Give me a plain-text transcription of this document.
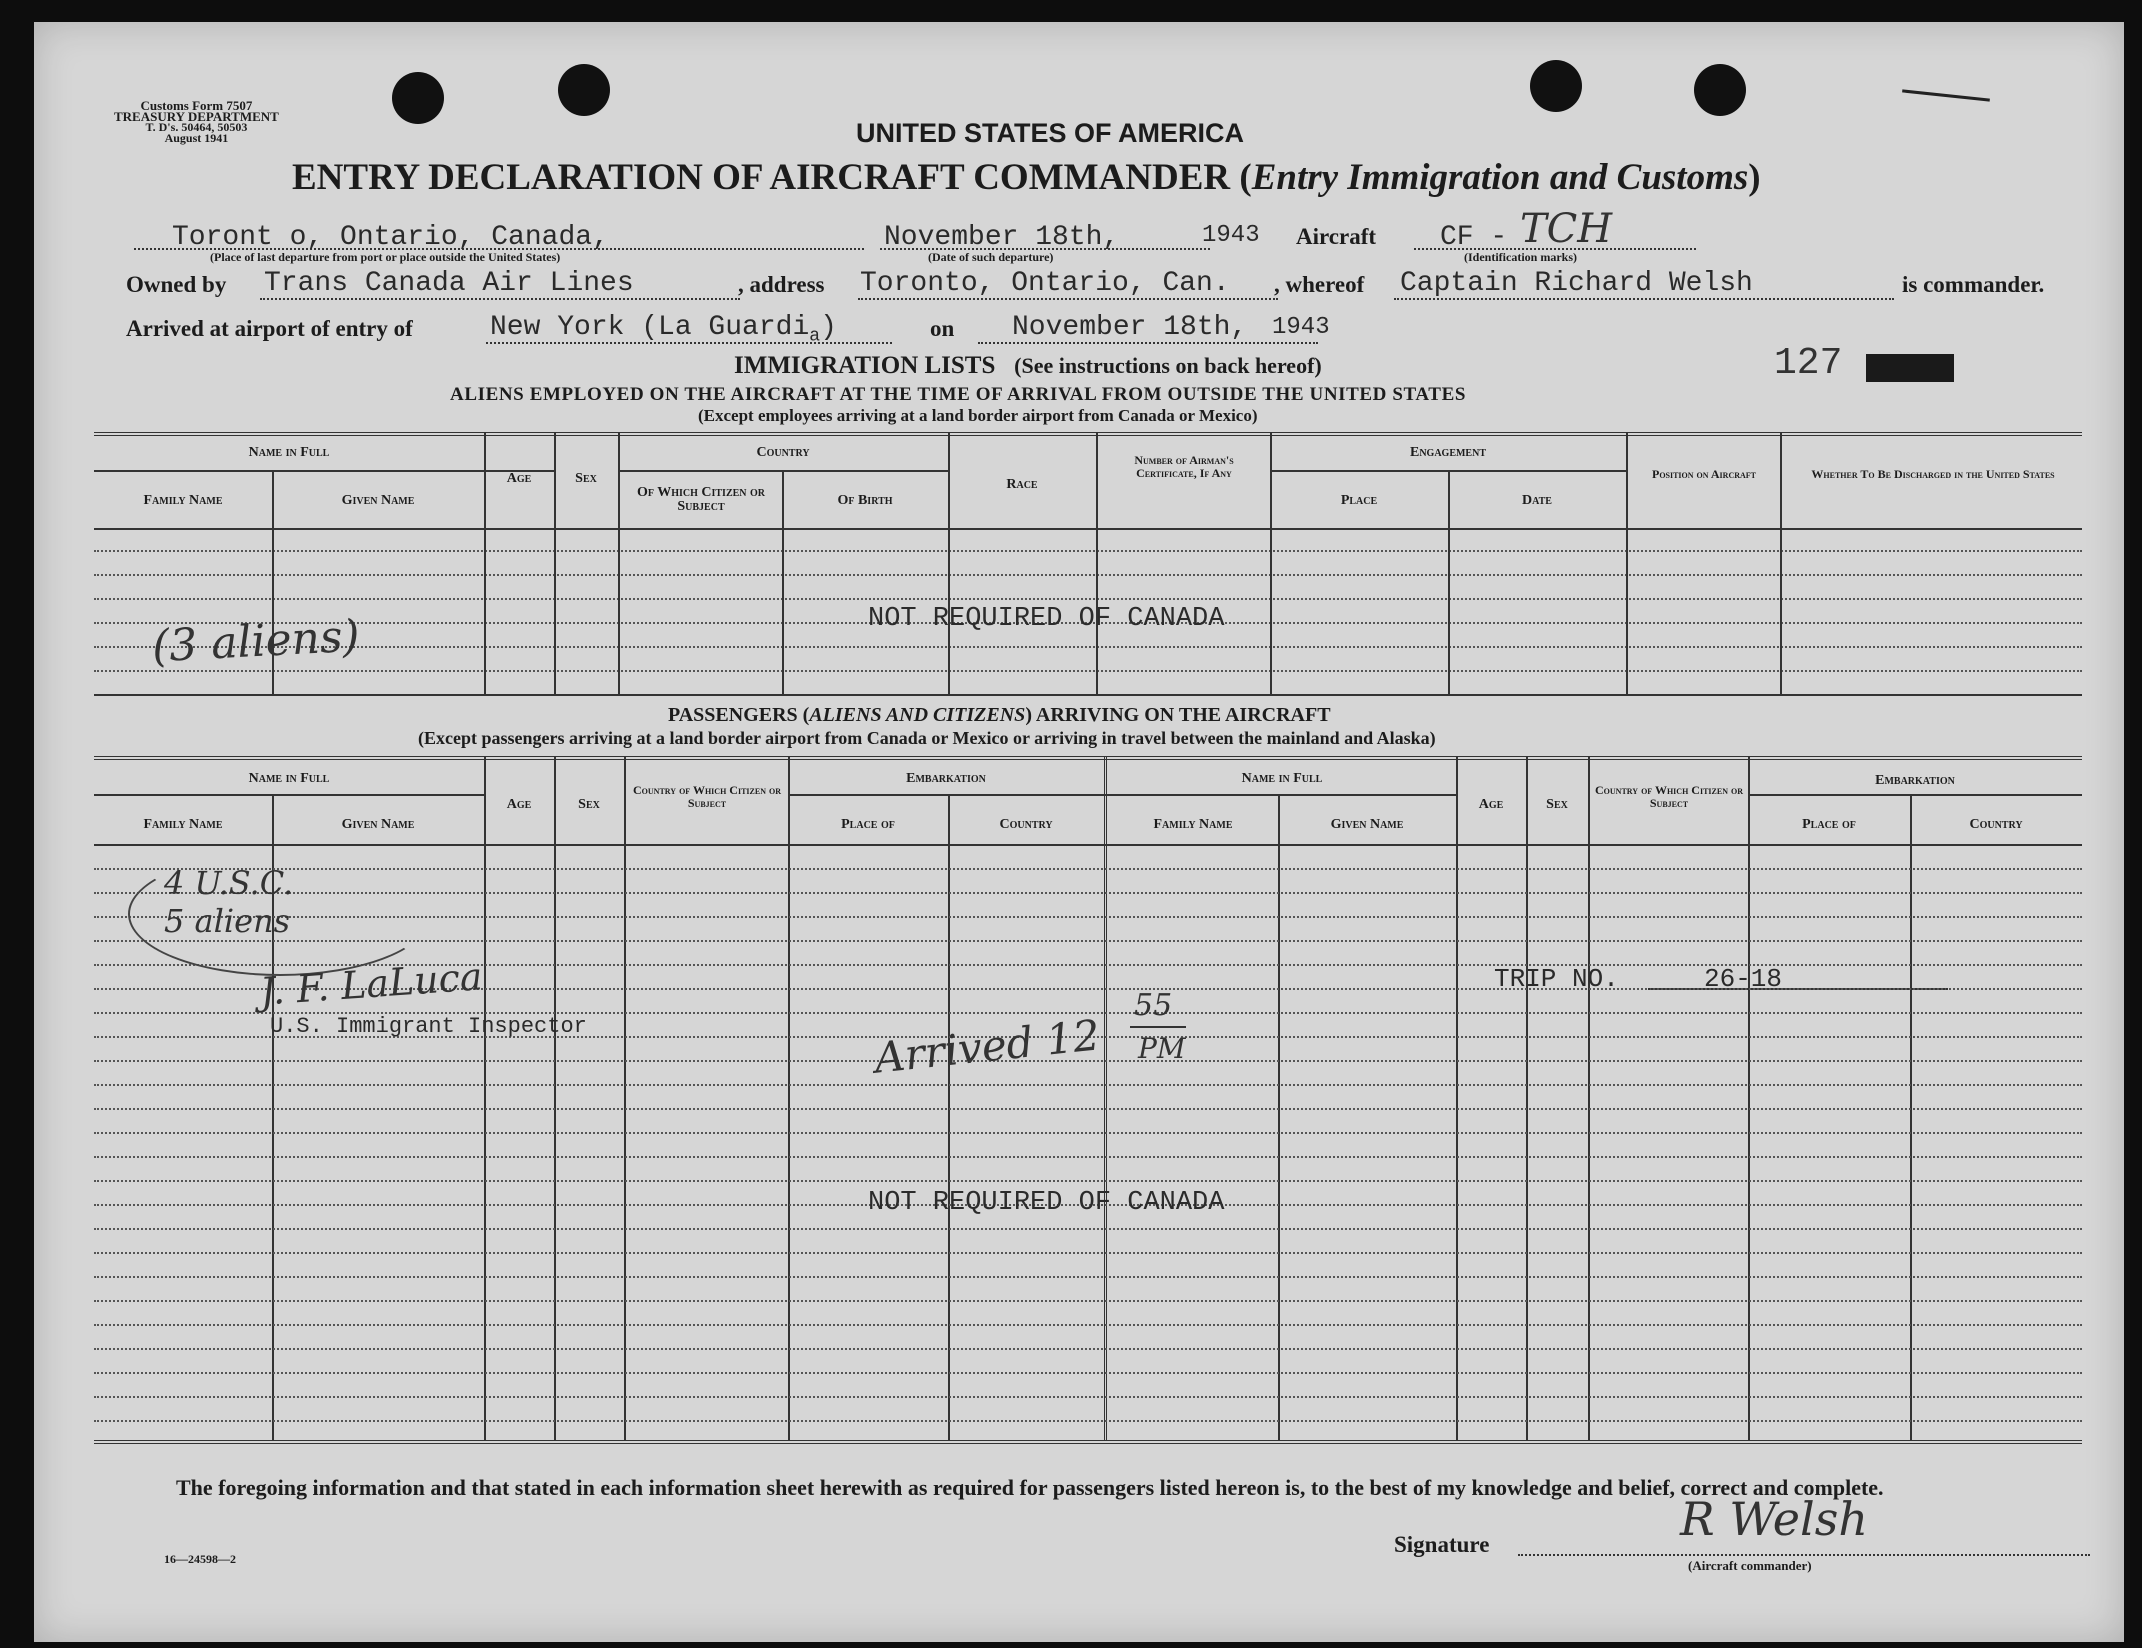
Customs Form 7507
TREASURY DEPARTMENT
T. D's. 50464, 50503
August 1941	UNITED STATES OF AMERICA
ENTRY DECLARATION OF AIRCRAFT COMMANDER (Entry Immigration and Customs)
Toront o, Ontario, Canada,
(Place of last departure from port or place outside the United States)
November 18th,
(Date of such departure)
1943 Aircraft CF - TCH
(Identification marks)
Owned by Trans Canada Air Lines	, address Toronto, Ontario, Can. , whereof Captain Richard Welsh	is commander.
Arrived at airport of entry of	New York (La Guardi$_a$)	on November 18th, 1943
127
IMMIGRATION LISTS (See instructions on back hereof)
ALIENS EMPLOYED ON THE AIRCRAFT AT THE TIME OF ARRIVAL FROM OUTSIDE THE UNITED STATES
(Except employees arriving at a land border airport from Canada or Mexico)
Name in Full
Family Name	Given Name
Age	Sex
Country
Of Which Citizen or Subject	Of Birth
Race
Number of Airman's Certificate, If Any
Engagement
Place	Date
Position on Aircraft	Whether To Be Discharged in the United States
NOT REQUIRED OF CANADA
(3 aliens)
PASSENGERS (ALIENS AND CITIZENS) ARRIVING ON THE AIRCRAFT
(Except passengers arriving at a land border airport from Canada or Mexico or arriving in travel between the mainland and Alaska)
Name in Full
Family Name	Given Name
Age	Sex
Country of Which Citizen or Subject
Embarkation
Place of	Country
Name in Full
Family Name	Given Name
Age	Sex
Country of Which Citizen or Subject
Embarkation
Place of	Country
4 U.S.C.
5 aliens
J. F. LaLuca
U.S. Immigrant Inspector	Arrived 12
55
PM
TRIP NO.	26-18
NOT REQUIRED OF CANADA
The foregoing information and that stated in each information sheet herewith as required for passengers listed hereon is, to the best of my knowledge and belief, correct and complete.
16—24598—2
Signature	R Welsh
(Aircraft commander)
